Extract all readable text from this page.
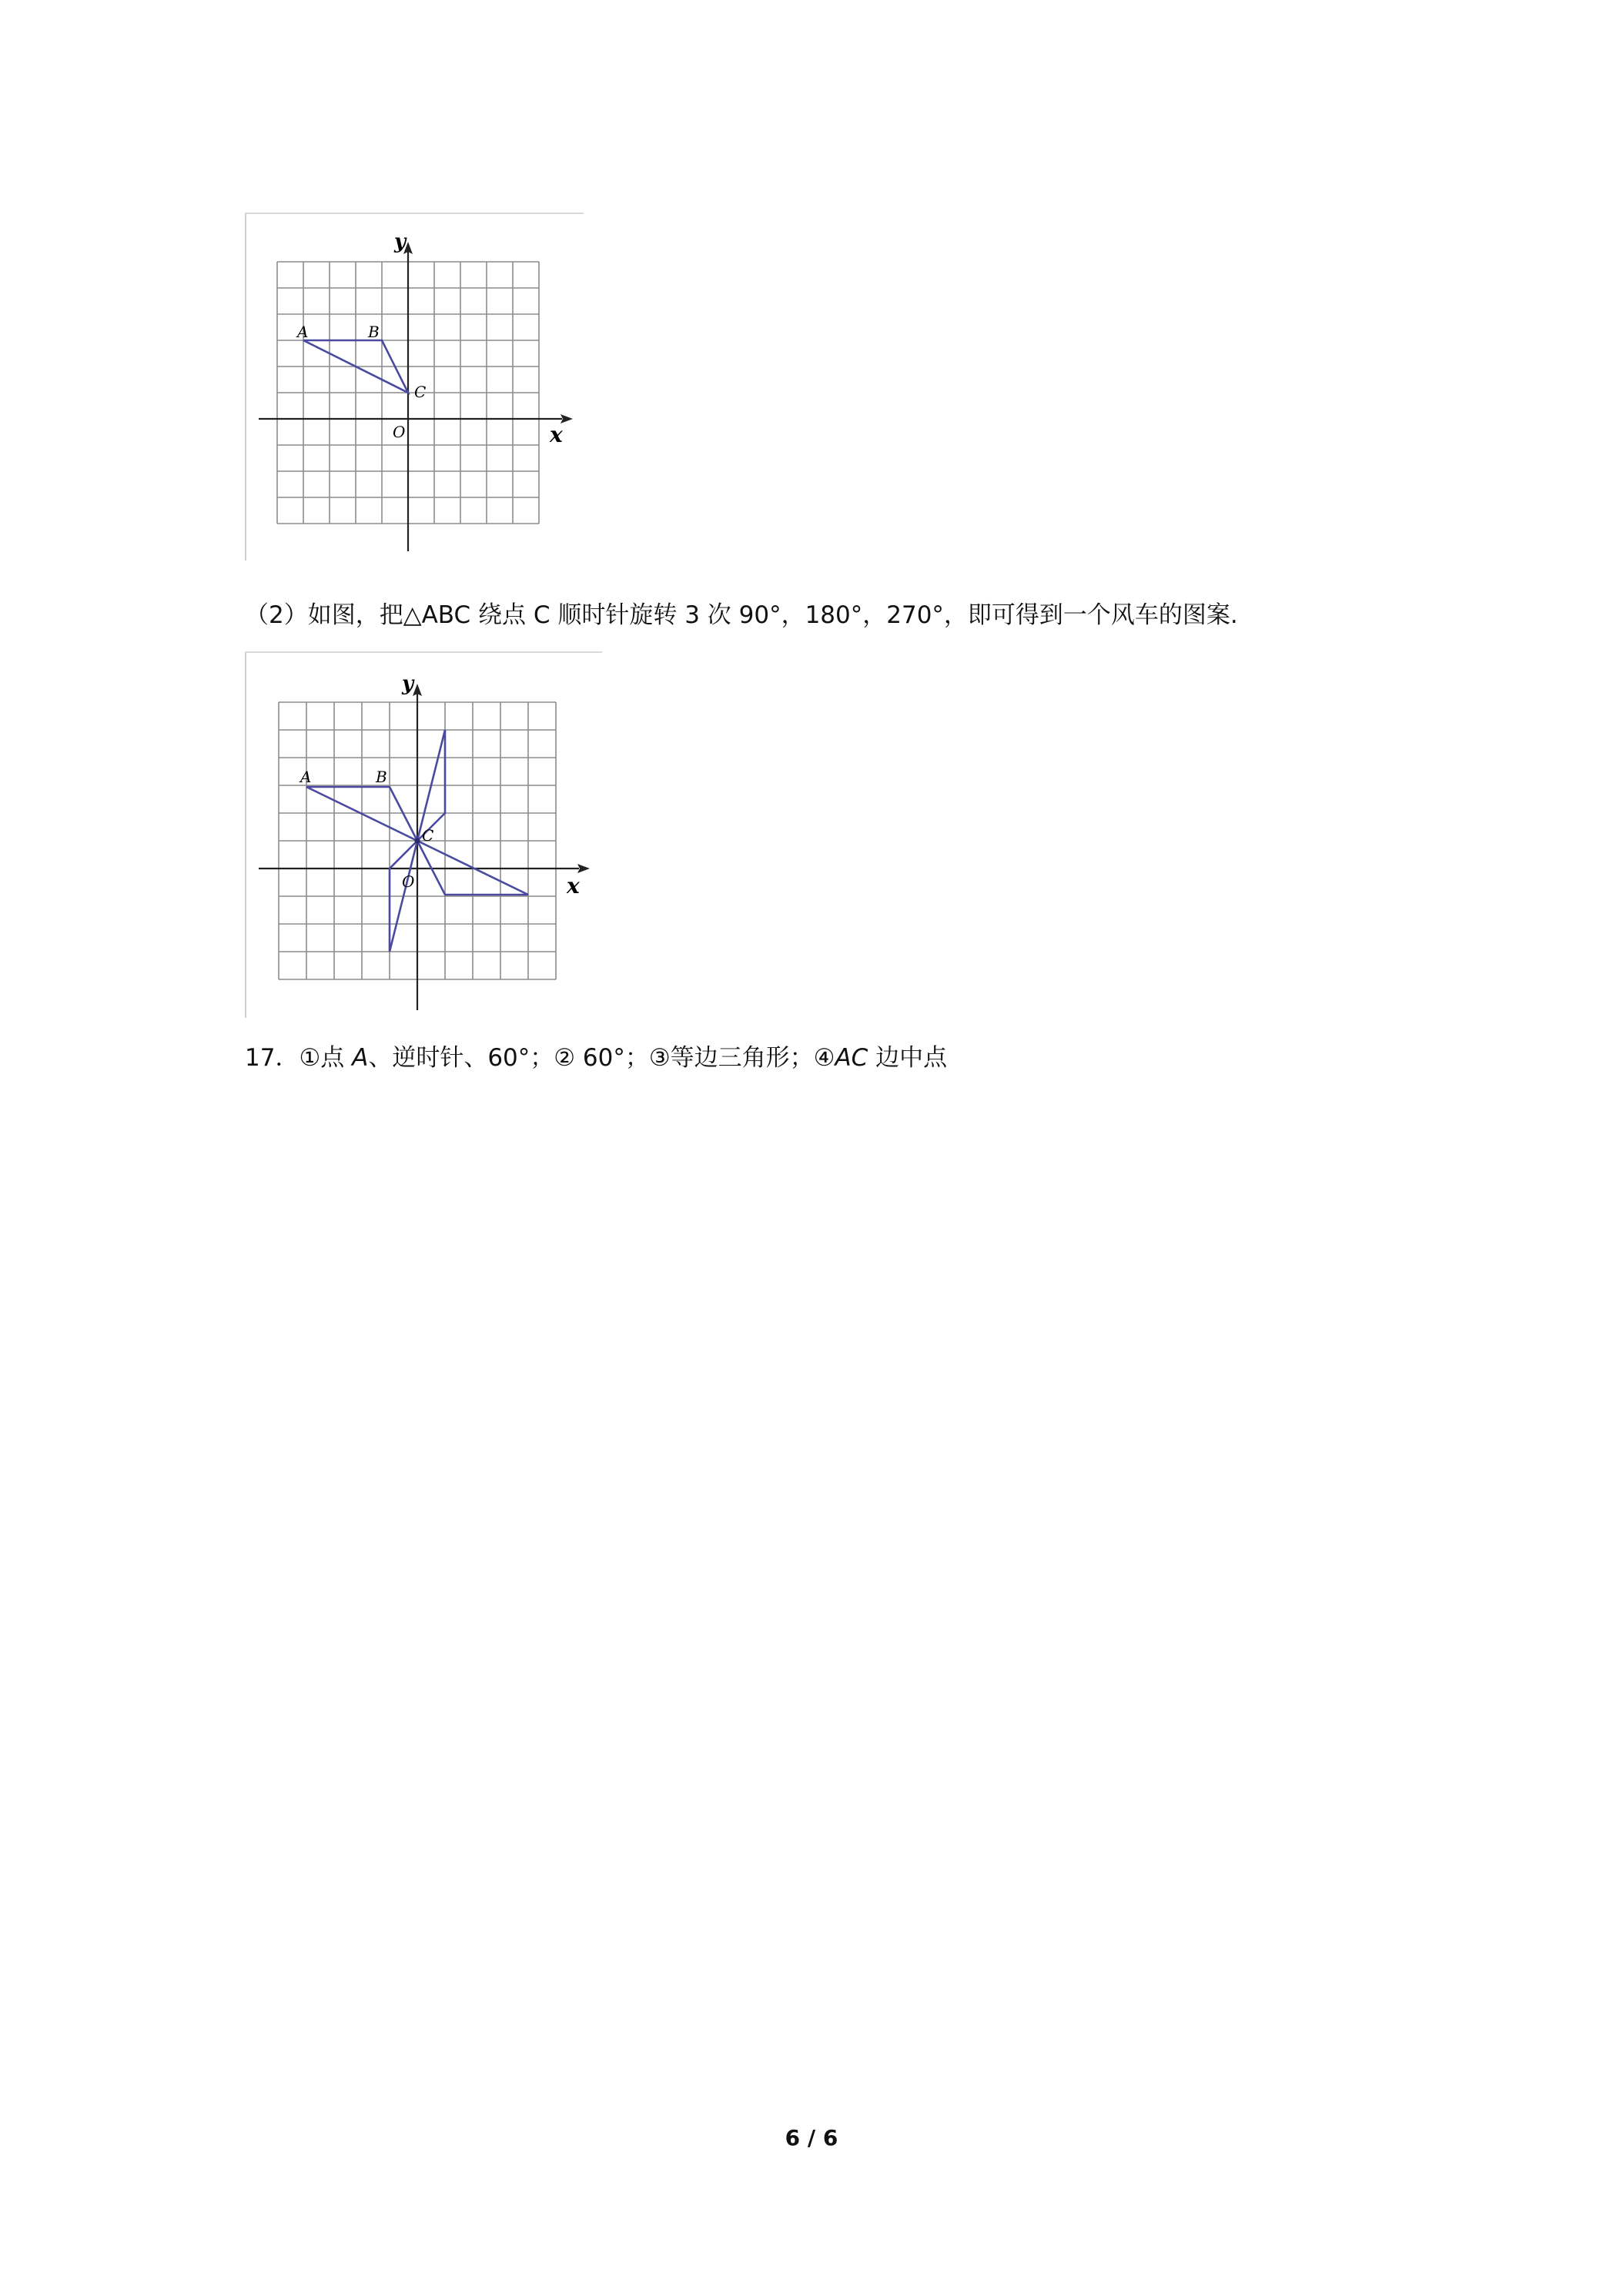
y
x
A	B
C
O
（2）如图，把△ABC 绕点 C 顺时针旋转 3 次 90°，180°，270°，即可得到一个风车的图案.
y
x
A	B
C
O
17．①点 A、逆时针、60°；② 60°；③等边三角形；④AC 边中点
6 / 6
